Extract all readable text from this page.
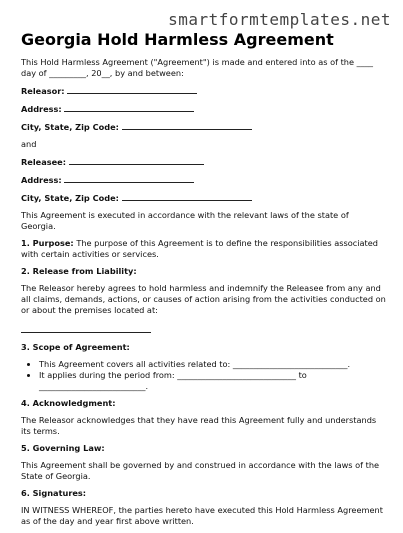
smartformtemplates.net
Georgia Hold Harmless Agreement

This Hold Harmless Agreement ("Agreement") is made and entered into as of the ____ day of _________, 20__, by and between:

Releasor:
Address:
City, State, Zip Code:

and

Releasee:
Address:
City, State, Zip Code:

This Agreement is executed in accordance with the relevant laws of the state of Georgia.

1. Purpose: The purpose of this Agreement is to define the responsibilities associated with certain activities or services.

2. Release from Liability:

The Releasor hereby agrees to hold harmless and indemnify the Releasee from any and all claims, demands, actions, or causes of action arising from the activities conducted on or about the premises located at:

3. Scope of Agreement:
• This Agreement covers all activities related to: ____________________________.
• It applies during the period from: _____________________________ to
__________________________.
4. Acknowledgment:

The Releasor acknowledges that they have read this Agreement fully and understands its terms.

5. Governing Law:

This Agreement shall be governed by and construed in accordance with the laws of the State of Georgia.

6. Signatures:

IN WITNESS WHEREOF, the parties hereto have executed this Hold Harmless Agreement as of the day and year first above written.
